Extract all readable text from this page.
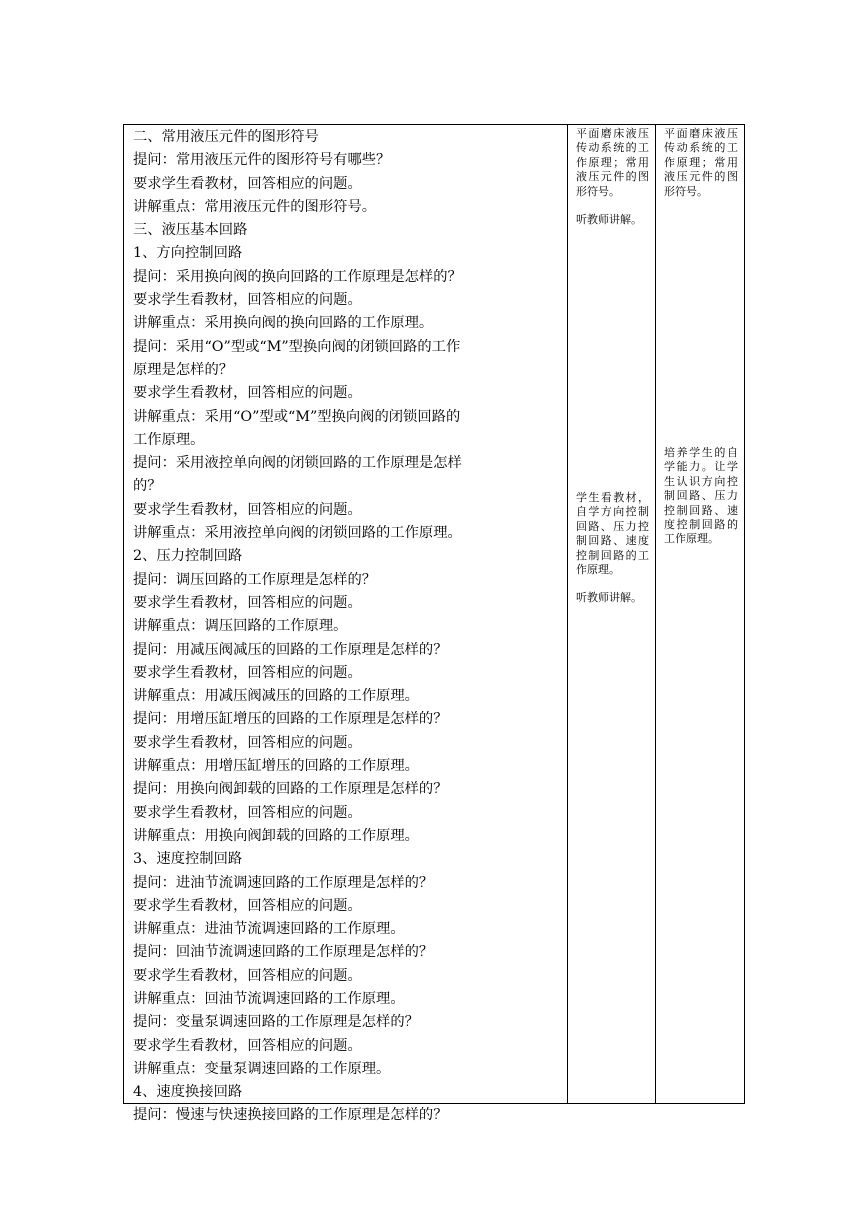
二、常用液压元件的图形符号
提问：常用液压元件的图形符号有哪些？
要求学生看教材，回答相应的问题。
讲解重点：常用液压元件的图形符号。
三、液压基本回路
1、方向控制回路
提问：采用换向阀的换向回路的工作原理是怎样的？
要求学生看教材，回答相应的问题。
讲解重点：采用换向阀的换向回路的工作原理。
提问：采用“O”型或“M”型换向阀的闭锁回路的工作
原理是怎样的？
要求学生看教材，回答相应的问题。
讲解重点：采用“O”型或“M”型换向阀的闭锁回路的
工作原理。
提问：采用液控单向阀的闭锁回路的工作原理是怎样
的？
要求学生看教材，回答相应的问题。
讲解重点：采用液控单向阀的闭锁回路的工作原理。
2、压力控制回路
提问：调压回路的工作原理是怎样的？
要求学生看教材，回答相应的问题。
讲解重点：调压回路的工作原理。
提问：用减压阀减压的回路的工作原理是怎样的？
要求学生看教材，回答相应的问题。
讲解重点：用减压阀减压的回路的工作原理。
提问：用增压缸增压的回路的工作原理是怎样的？
要求学生看教材，回答相应的问题。
讲解重点：用增压缸增压的回路的工作原理。
提问：用换向阀卸载的回路的工作原理是怎样的？
要求学生看教材，回答相应的问题。
讲解重点：用换向阀卸载的回路的工作原理。
3、速度控制回路
提问：进油节流调速回路的工作原理是怎样的？
要求学生看教材，回答相应的问题。
讲解重点：进油节流调速回路的工作原理。
提问：回油节流调速回路的工作原理是怎样的？
要求学生看教材，回答相应的问题。
讲解重点：回油节流调速回路的工作原理。
提问：变量泵调速回路的工作原理是怎样的？
要求学生看教材，回答相应的问题。
讲解重点：变量泵调速回路的工作原理。
4、速度换接回路
提问：慢速与快速换接回路的工作原理是怎样的？
平面磨床液压传动系统的工作原理；常用液压元件的图形符号。
听教师讲解。
学生看教材，自学方向控制回路、压力控制回路、速度控制回路的工作原理。
听教师讲解。
平面磨床液压传动系统的工作原理；常用液压元件的图形符号。
培养学生的自学能力。让学生认识方向控制回路、压力控制回路、速度控制回路的工作原理。
